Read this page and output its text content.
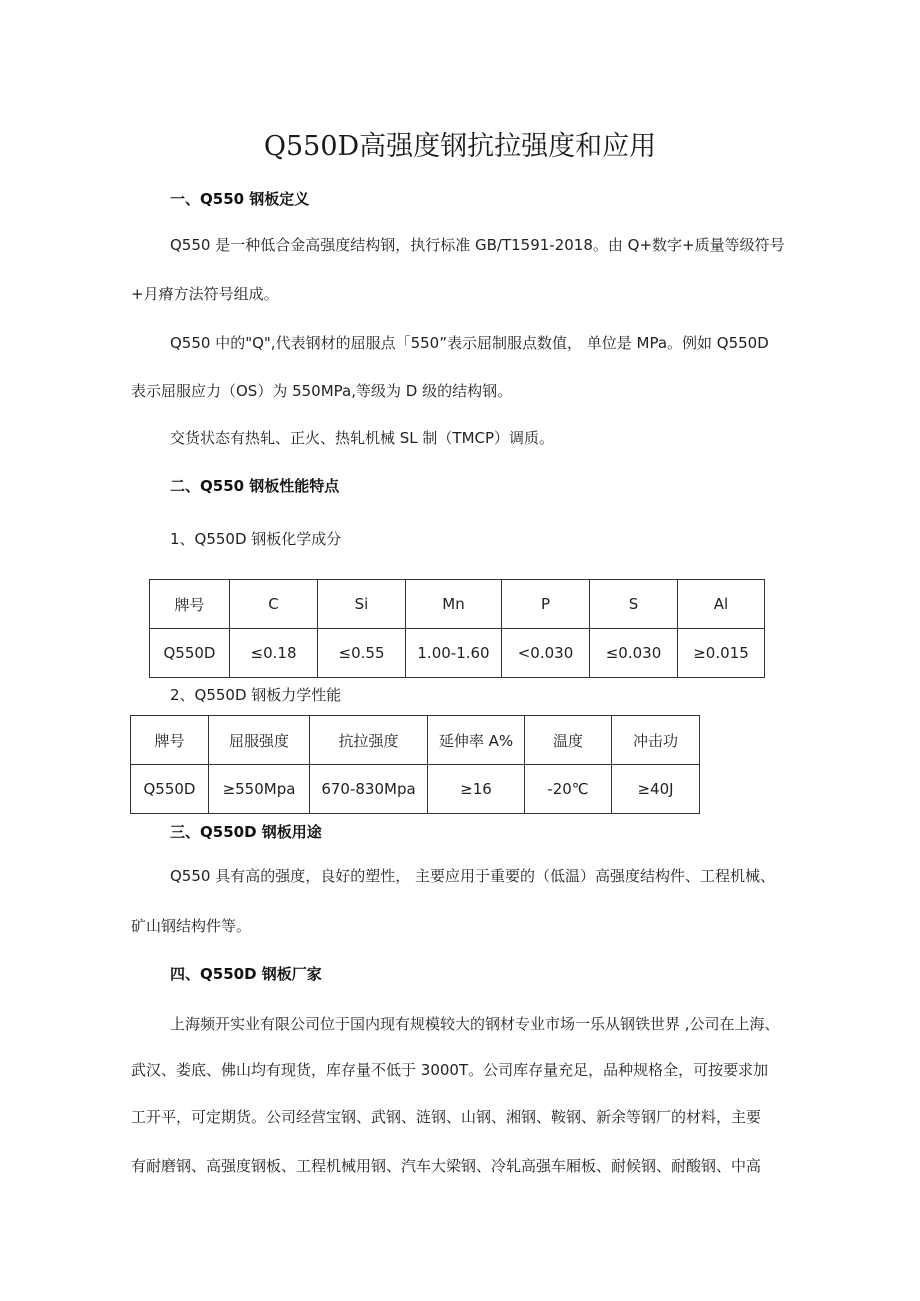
Q550D高强度钢抗拉强度和应用
一、Q550 钢板定义
Q550 是一种低合金高强度结构钢，执行标准 GB/T1591-2018。由 Q+数字+质量等级符号
+月瘠方法符号组成。
Q550 中的"Q",代表钢材的屈服点「550”表示屈制服点数值， 单位是 MPa。例如 Q550D
表示屈服应力（OS）为 550MPa,等级为 D 级的结构钢。
交货状态有热轧、正火、热轧机械 SL 制（TMCP）调质。
二、Q550 钢板性能特点
1、Q550D 钢板化学成分
牌号	C	Si	Mn	P	S	Al
Q550D	≤0.18	≤0.55	1.00-1.60	<0.030	≤0.030	≥0.015
2、Q550D 钢板力学性能
牌号	屈服强度	抗拉强度	延伸率 A%	温度	冲击功
Q550D	≥550Mpa	670-830Mpa	≥16	-20℃	≥40J
三、Q550D 钢板用途
Q550 具有高的强度，良好的塑性， 主要应用于重要的（低温）高强度结构件、工程机械、
矿山钢结构件等。
四、Q550D 钢板厂家
上海频开实业有限公司位于国内现有规模较大的钢材专业市场一乐从钢铁世界 ,公司在上海、
武汉、娄底、佛山均有现货，库存量不低于 3000T。公司库存量充足，品种规格全，可按要求加
工开平，可定期货。公司经营宝钢、武钢、涟钢、山钢、湘钢、鞍钢、新余等钢厂的材料，主要
有耐磨钢、高强度钢板、工程机械用钢、汽车大梁钢、冷轧高强车厢板、耐候钢、耐酸钢、中高
